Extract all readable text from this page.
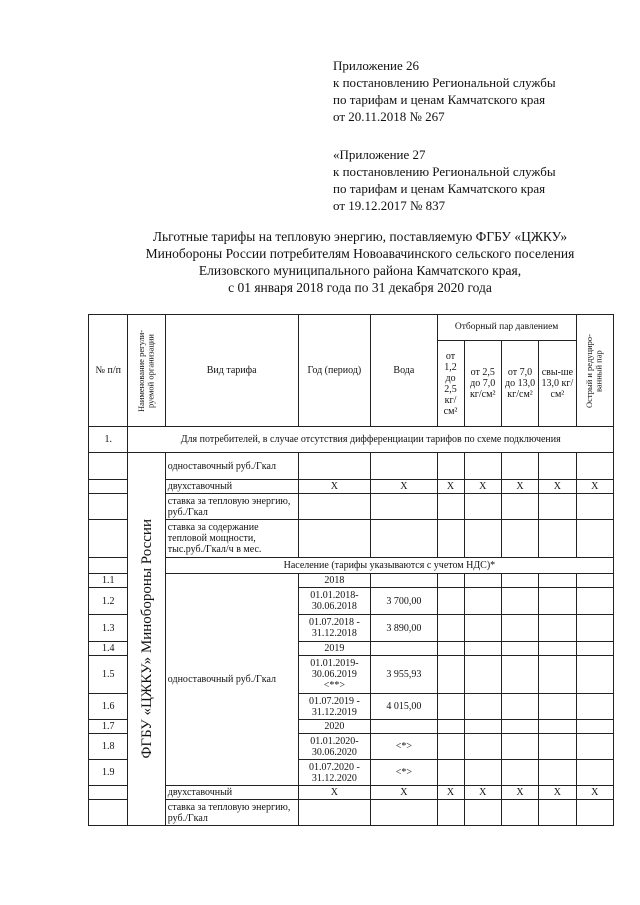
Приложение 26
к постановлению Региональной службы
по тарифам и ценам Камчатского края
от 20.11.2018 № 267
«Приложение 27
к постановлению Региональной службы
по тарифам и ценам Камчатского края
от 19.12.2017 № 837
Льготные тарифы на тепловую энергию, поставляемую ФГБУ «ЦЖКУ»
Минобороны России потребителям Новоавачинского сельского поселения
Елизовского муниципального района Камчатского края,
с 01 января 2018 года по 31 декабря 2020 года
№ п/п	Наименование регули-руемой организации	Вид тарифа	Год (период)	Вода	Отборный пар давлением				Острый и редуциро-ванный пар

					от 1,2 до 2,5 кг/см²	от 2,5 до 7,0 кг/см²	от 7,0 до 13,0 кг/см²	свы-ше 13,0 кг/см²	
1.	Для потребителей, в случае отсутствия дифференциации тарифов по схеме подключения								

	ФГБУ «ЦЖКУ» Минобороны России	одноставочный руб./Гкал							
		двухставочный	X	X	X	X	X	X	X
		ставка за тепловую энергию, руб./Гкал							
		ставка за содержание тепловой мощности, тыс.руб./Гкал/ч в мес.							
		Население (тарифы указываются с учетом НДС)*							
1.1		одноставочный руб./Гкал	2018						
1.2			01.01.2018-30.06.2018	3 700,00					
1.3			01.07.2018 - 31.12.2018	3 890,00					
1.4			2019						
1.5			01.01.2019-30.06.2019 <**>	3 955,93					
1.6			01.07.2019 - 31.12.2019	4 015,00					
1.7			2020						
1.8			01.01.2020-30.06.2020	<*>					
1.9			01.07.2020 - 31.12.2020	<*>					
		двухставочный	X	X	X	X	X	X	X
		ставка за тепловую энергию, руб./Гкал							
